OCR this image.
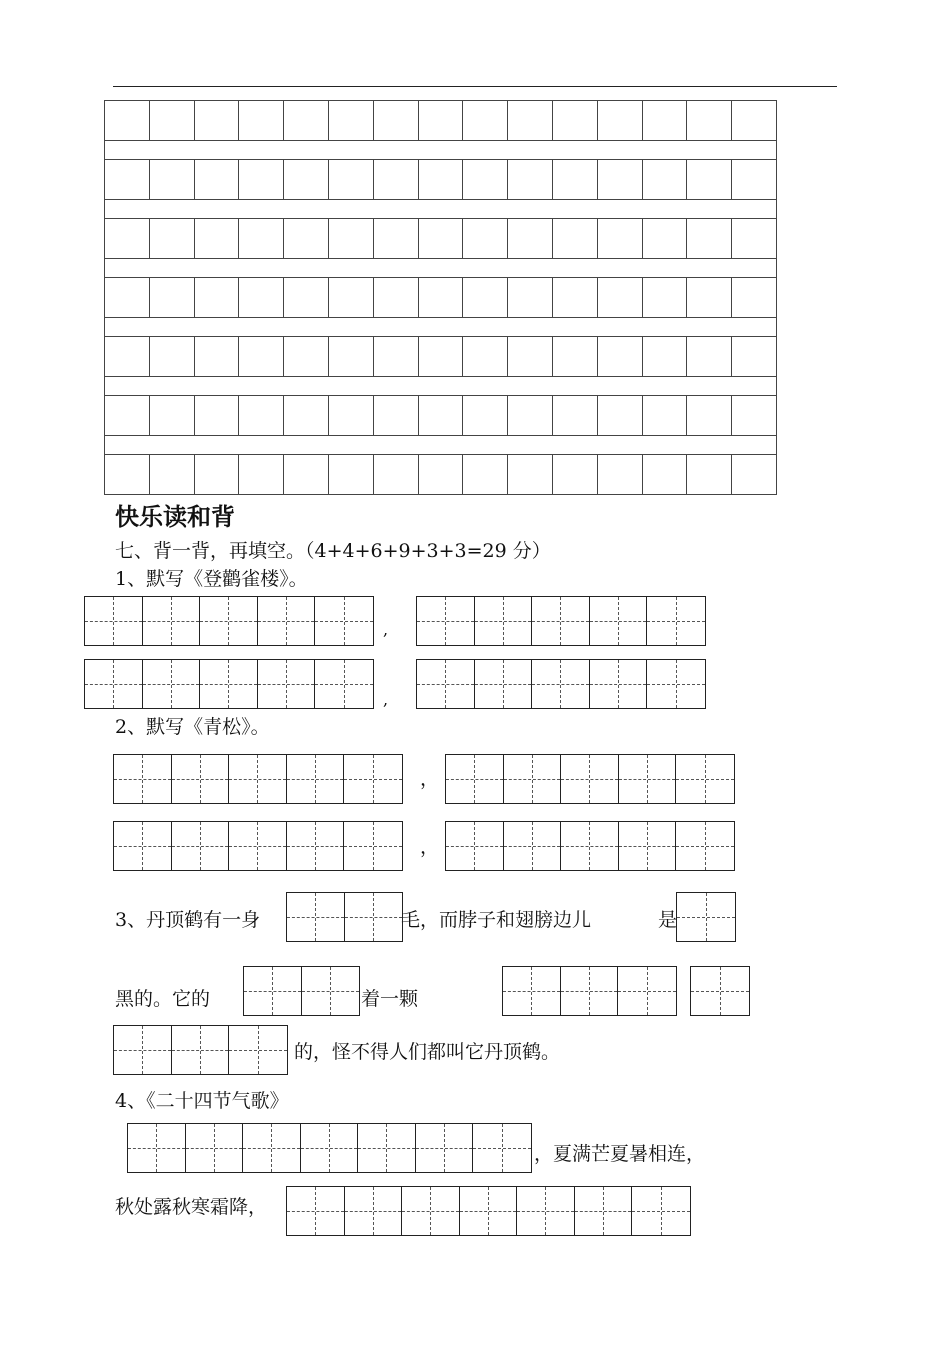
快乐读和背
七、背一背，再填空。（4+4+6+9+3+3=29 分）
1、默写《登鹳雀楼》。
,
,
2、默写《青松》。
，
，
3、丹顶鹤有一身	毛，而脖子和翅膀边儿	是
黑的。它的	着一颗
的，怪不得人们都叫它丹顶鹤。
4、《二十四节气歌》
，夏满芒夏暑相连，
秋处露秋寒霜降，
